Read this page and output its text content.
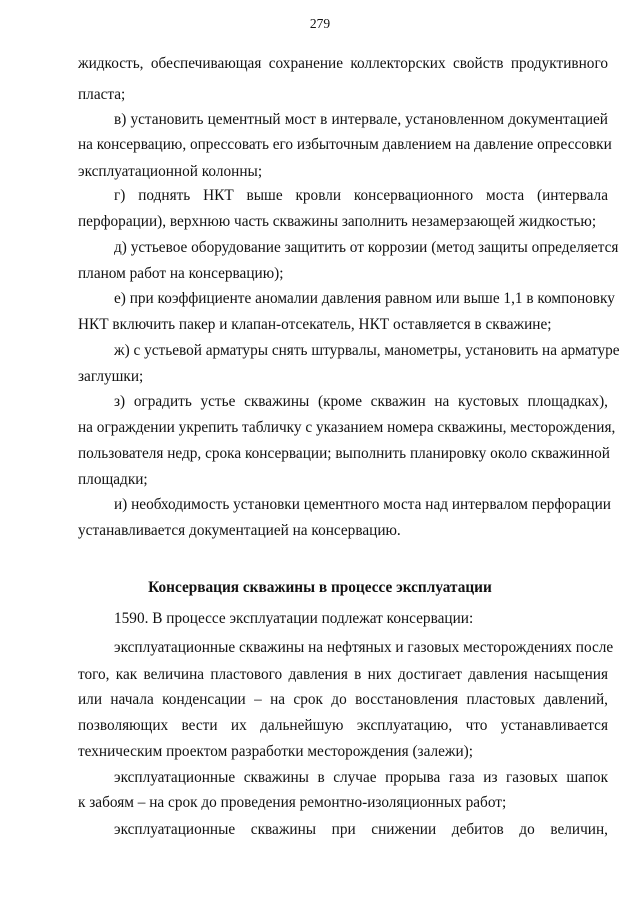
279
жидкость, обеспечивающая сохранение коллекторских свойств продуктивного
пласта;
в) установить цементный мост в интервале, установленном документацией
на консервацию, опрессовать его избыточным давлением на давление опрессовки
эксплуатационной колонны;
г) поднять НКТ выше кровли консервационного моста (интервала
перфорации), верхнюю часть скважины заполнить незамерзающей жидкостью;
д) устьевое оборудование защитить от коррозии (метод защиты определяется
планом работ на консервацию);
е) при коэффициенте аномалии давления равном или выше 1,1 в компоновку
НКТ включить пакер и клапан-отсекатель, НКТ оставляется в скважине;
ж) с устьевой арматуры снять штурвалы, манометры, установить на арматуре
заглушки;
з) оградить устье скважины (кроме скважин на кустовых площадках),
на ограждении укрепить табличку с указанием номера скважины, месторождения,
пользователя недр, срока консервации; выполнить планировку около скважинной
площадки;
и) необходимость установки цементного моста над интервалом перфорации
устанавливается документацией на консервацию.
Консервация скважины в процессе эксплуатации
1590. В процессе эксплуатации подлежат консервации:
эксплуатационные скважины на нефтяных и газовых месторождениях после
того, как величина пластового давления в них достигает давления насыщения
или начала конденсации – на срок до восстановления пластовых давлений,
позволяющих вести их дальнейшую эксплуатацию, что устанавливается
техническим проектом разработки месторождения (залежи);
эксплуатационные скважины в случае прорыва газа из газовых шапок
к забоям – на срок до проведения ремонтно-изоляционных работ;
эксплуатационные скважины при снижении дебитов до величин,
